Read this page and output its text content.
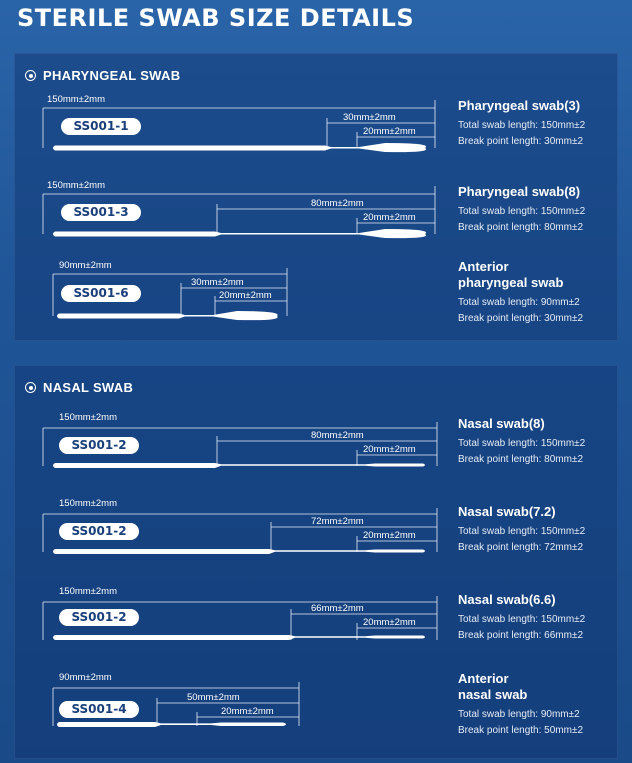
STERILE SWAB SIZE DETAILS
PHARYNGEAL SWAB
150mm±2mm
30mm±2mm
20mm±2mm
SS001-1
Pharyngeal swab(3)
Total swab length: 150mm±2
Break point length: 30mm±2
150mm±2mm
80mm±2mm
20mm±2mm
SS001-3
Pharyngeal swab(8)
Total swab length: 150mm±2
Break point length: 80mm±2
90mm±2mm
30mm±2mm
20mm±2mm
SS001-6
Anterior
pharyngeal swab
Total swab length: 90mm±2
Break point length: 30mm±2
NASAL SWAB
150mm±2mm
80mm±2mm
20mm±2mm
SS001-2
Nasal swab(8)
Total swab length: 150mm±2
Break point length: 80mm±2
150mm±2mm
72mm±2mm
20mm±2mm
SS001-2
Nasal swab(7.2)
Total swab length: 150mm±2
Break point length: 72mm±2
150mm±2mm
66mm±2mm
20mm±2mm
SS001-2
Nasal swab(6.6)
Total swab length: 150mm±2
Break point length: 66mm±2
90mm±2mm
50mm±2mm
20mm±2mm
SS001-4
Anterior
nasal swab
Total swab length: 90mm±2
Break point length: 50mm±2
